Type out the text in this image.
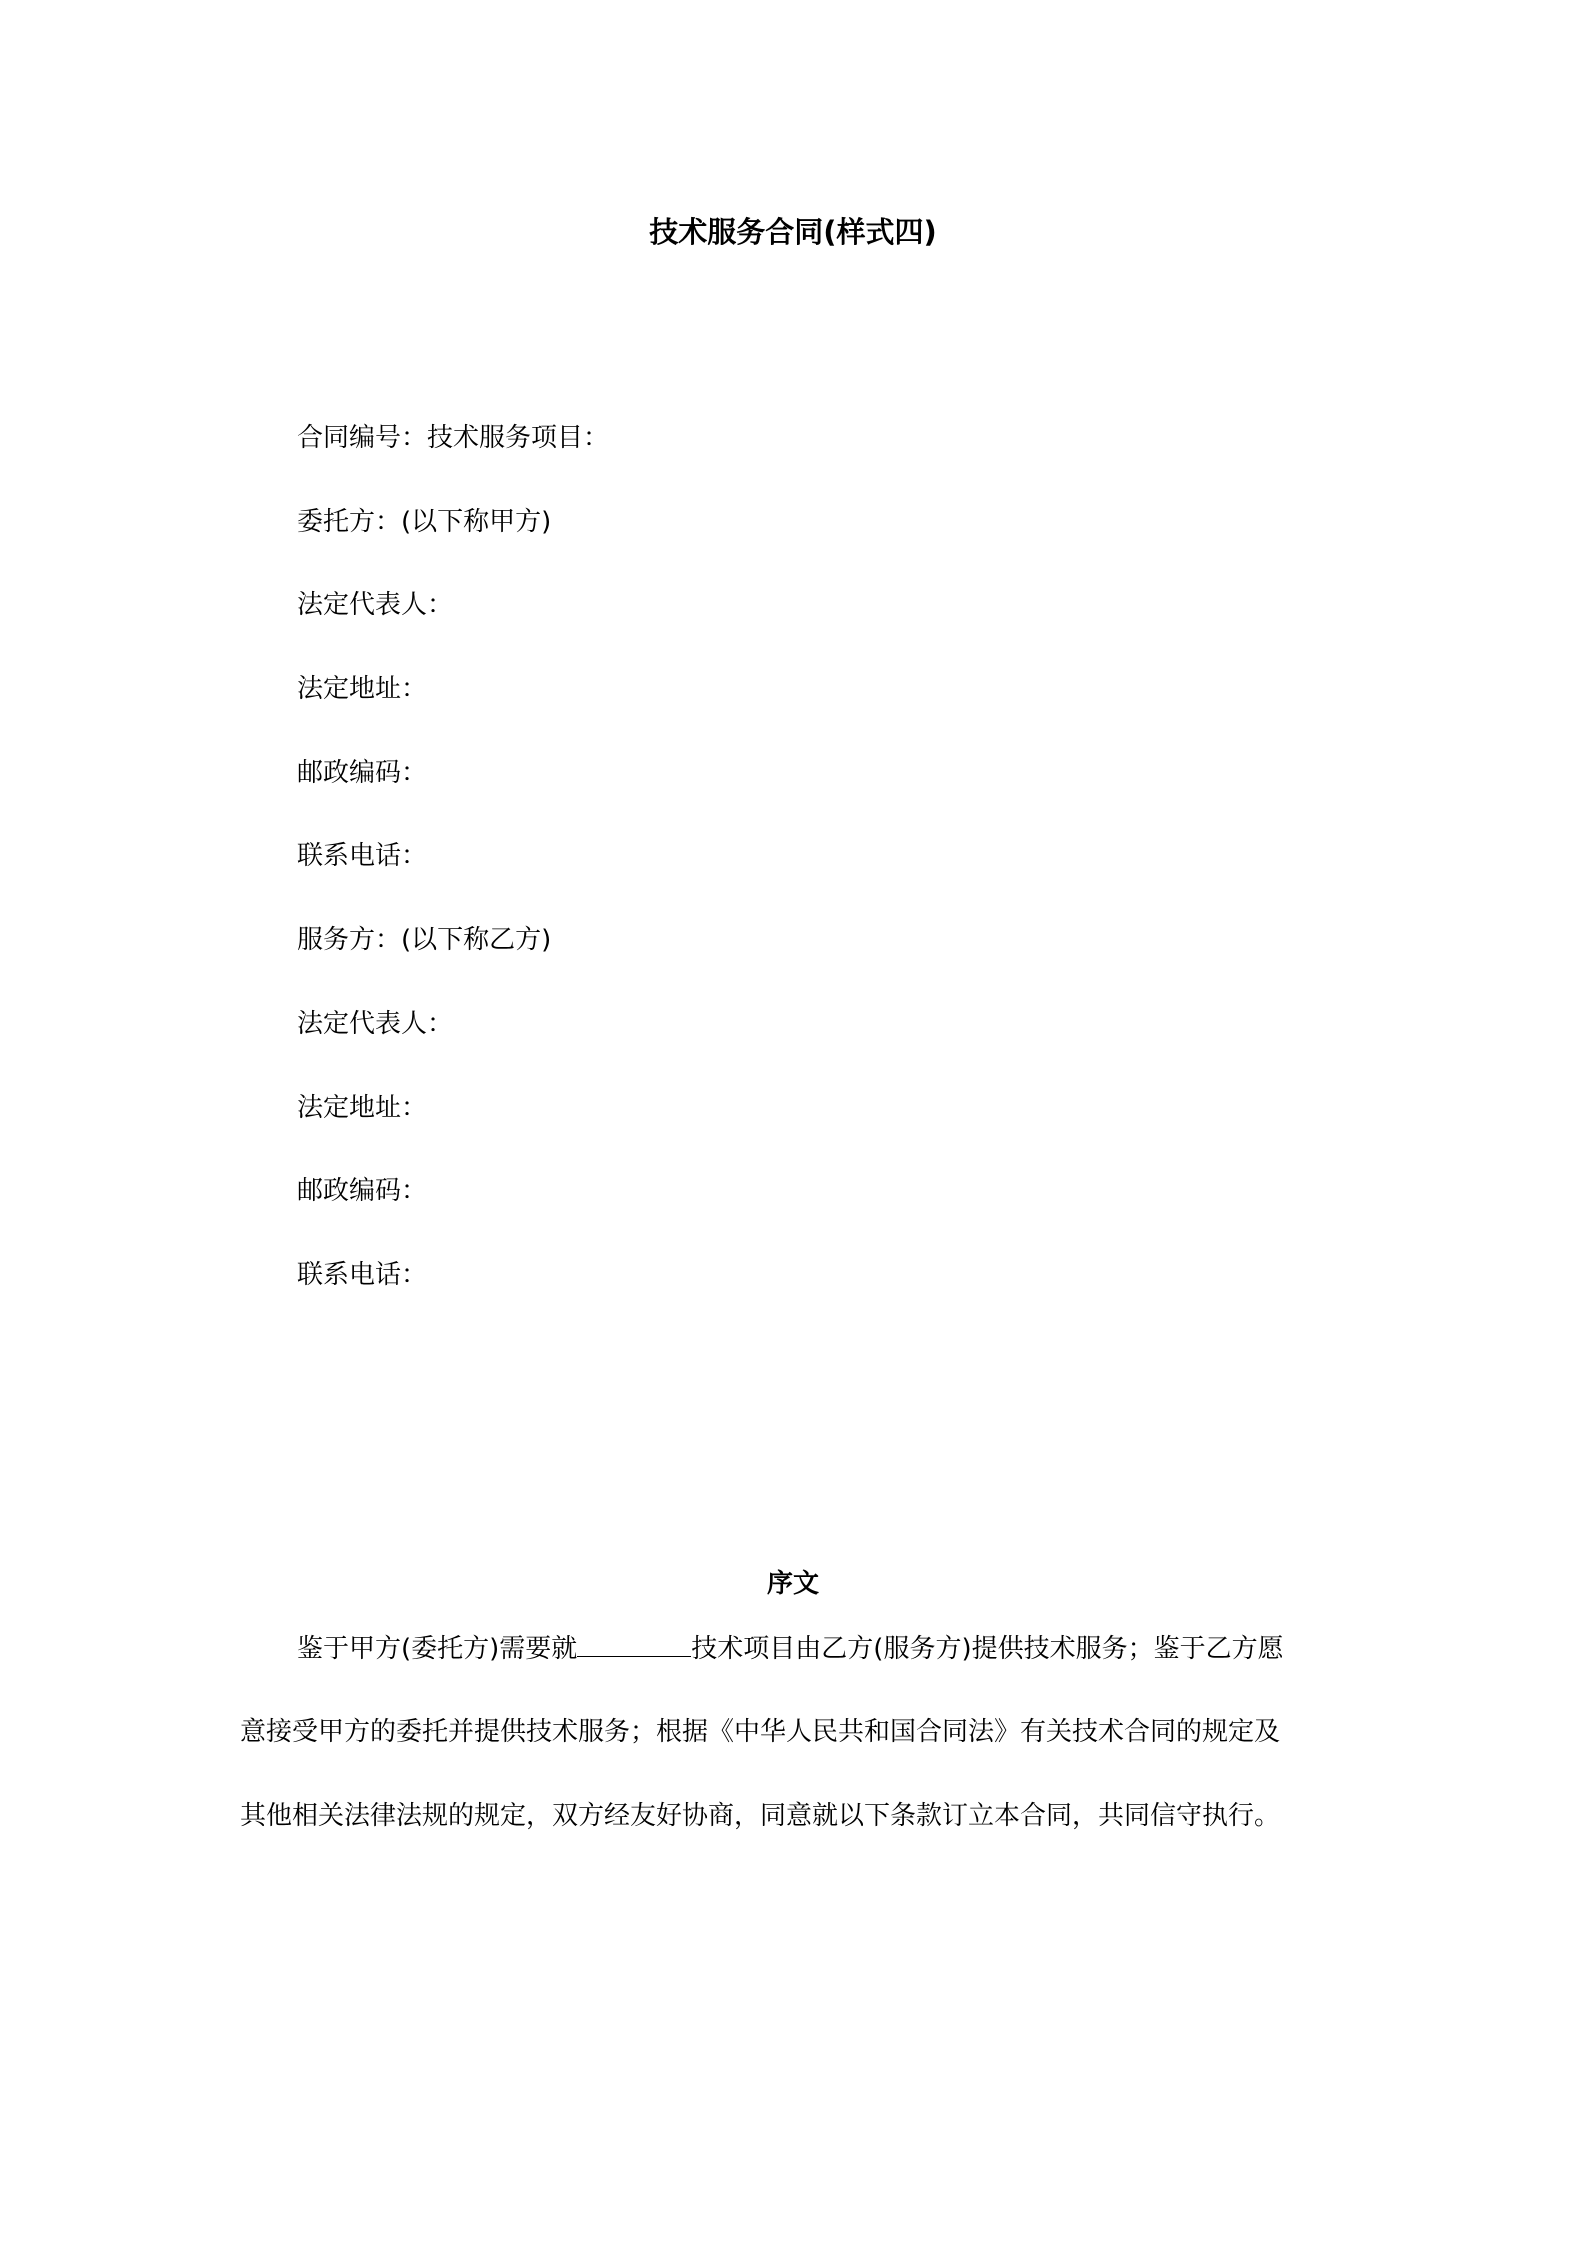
技术服务合同(样式四)
合同编号：技术服务项目：
委托方：(以下称甲方)
法定代表人：
法定地址：
邮政编码：
联系电话：
服务方：(以下称乙方)
法定代表人：
法定地址：
邮政编码：
联系电话：
序文
鉴于甲方(委托方)需要就	技术项目由乙方(服务方)提供技术服务；鉴于乙方愿
意接受甲方的委托并提供技术服务；根据《中华人民共和国合同法》有关技术合同的规定及
其他相关法律法规的规定，双方经友好协商，同意就以下条款订立本合同，共同信守执行。
